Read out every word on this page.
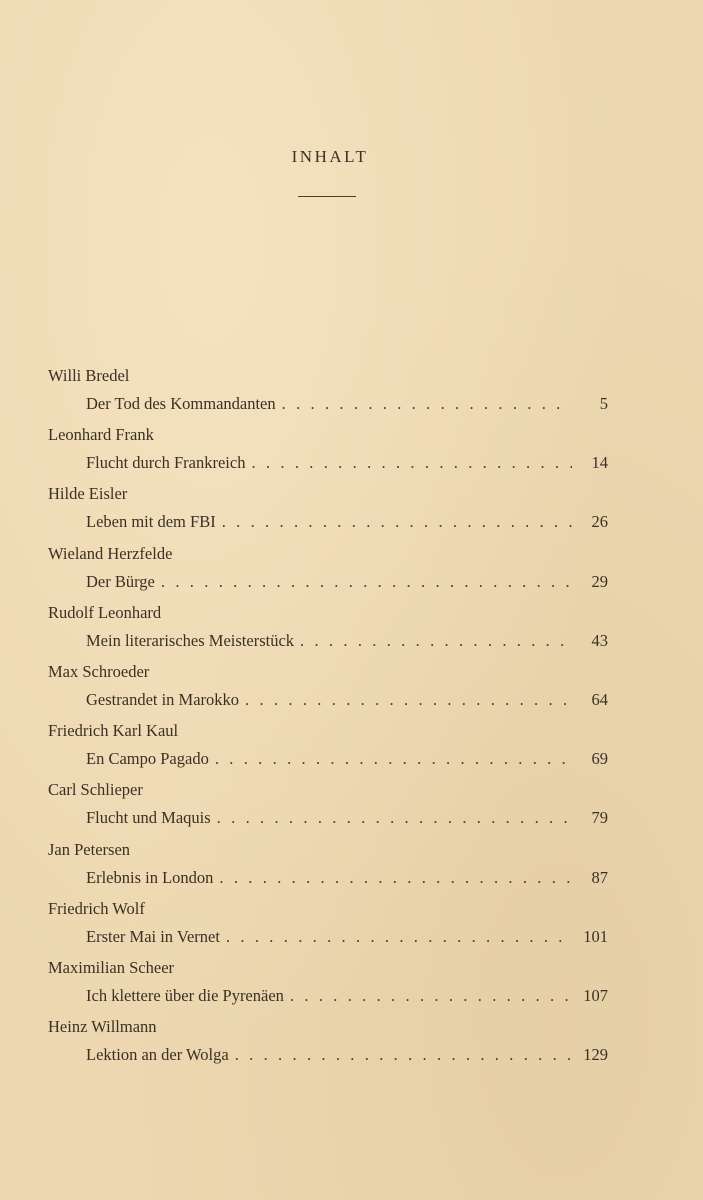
INHALT
Willi Bredel
Der Tod des Kommandanten . . .	5
Leonhard Frank
Flucht durch Frankreich . . .	14
Hilde Eisler
Leben mit dem FBI . . .	26
Wieland Herzfelde
Der Bürge . . .	29
Rudolf Leonhard
Mein literarisches Meisterstück . . .	43
Max Schroeder
Gestrandet in Marokko . . .	64
Friedrich Karl Kaul
En Campo Pagado . . .	69
Carl Schlieper
Flucht und Maquis . . .	79
Jan Petersen
Erlebnis in London . . .	87
Friedrich Wolf
Erster Mai in Vernet . . .	101
Maximilian Scheer
Ich klettere über die Pyrenäen . . .	107
Heinz Willmann
Lektion an der Wolga . . .	129
